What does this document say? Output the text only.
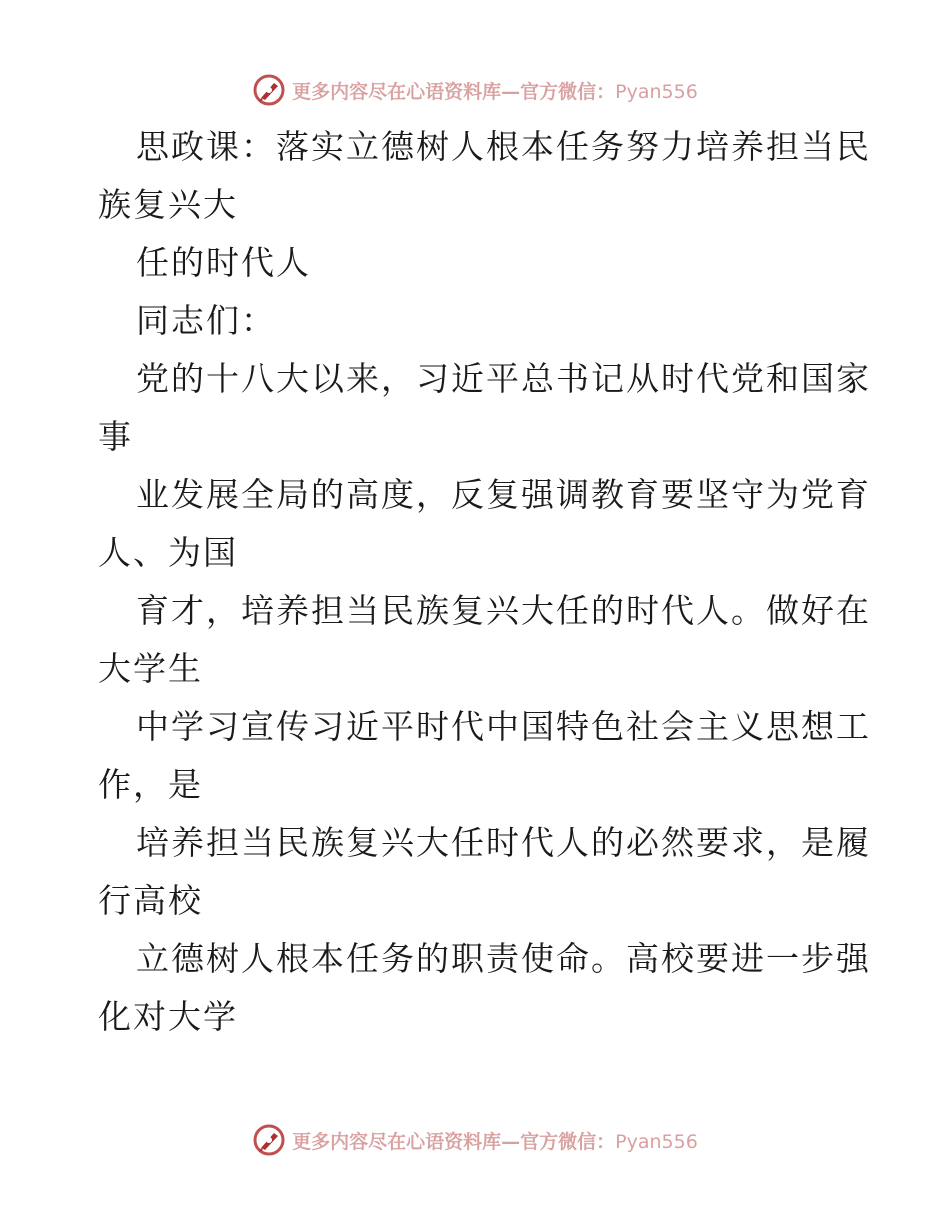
更多内容尽在心语资料库—官方微信：Pyan556
思政课：落实立德树人根本任务努力培养担当民
族复兴大
任的时代人
同志们：
党的十八大以来，习近平总书记从时代党和国家
事
业发展全局的高度，反复强调教育要坚守为党育
人、为国
育才，培养担当民族复兴大任的时代人。做好在
大学生
中学习宣传习近平时代中国特色社会主义思想工
作，是
培养担当民族复兴大任时代人的必然要求，是履
行高校
立德树人根本任务的职责使命。高校要进一步强
化对大学
更多内容尽在心语资料库—官方微信：Pyan556
